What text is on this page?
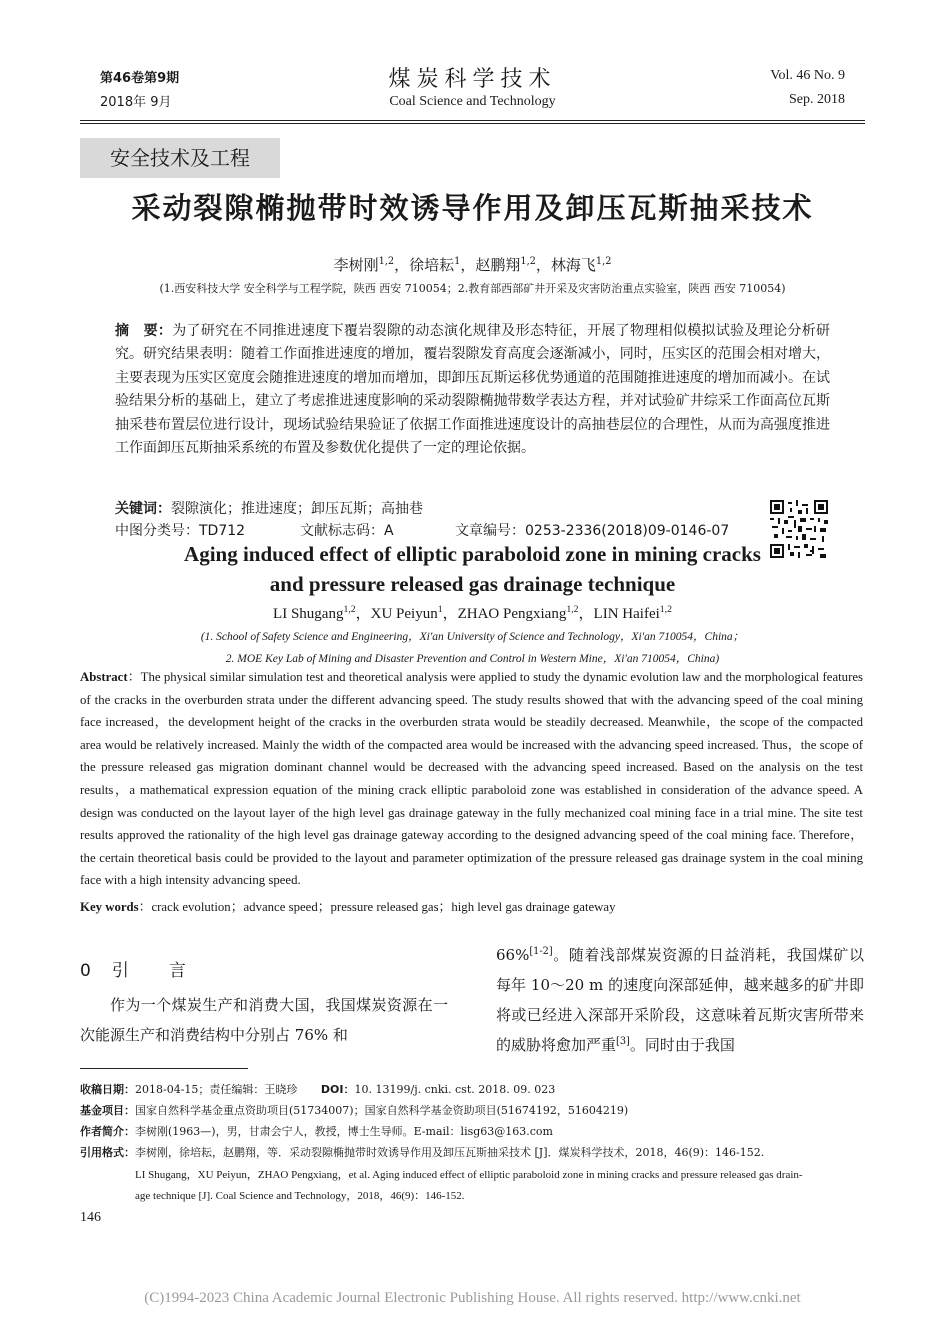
第46卷第9期
2018年 9月
煤炭科学技术
Coal Science and Technology
Vol. 46 No. 9
Sep. 2018
安全技术及工程
采动裂隙椭抛带时效诱导作用及卸压瓦斯抽采技术
李树刚$^{1,2}$，徐培耘$^1$，赵鹏翔$^{1,2}$，林海飞$^{1,2}$
(1.西安科技大学 安全科学与工程学院，陕西 西安 710054；2.教育部西部矿井开采及灾害防治重点实验室，陕西 西安 710054)
摘　要：为了研究在不同推进速度下覆岩裂隙的动态演化规律及形态特征，开展了物理相似模拟试验及理论分析研究。研究结果表明：随着工作面推进速度的增加，覆岩裂隙发育高度会逐渐减小，同时，压实区的范围会相对增大，主要表现为压实区宽度会随推进速度的增加而增加，即卸压瓦斯运移优势通道的范围随推进速度的增加而减小。在试验结果分析的基础上，建立了考虑推进速度影响的采动裂隙椭抛带数学表达方程，并对试验矿井综采工作面高位瓦斯抽采巷布置层位进行设计，现场试验结果验证了依据工作面推进速度设计的高抽巷层位的合理性，从而为高强度推进工作面卸压瓦斯抽采系统的布置及参数优化提供了一定的理论依据。
关键词：裂隙演化；推进速度；卸压瓦斯；高抽巷
中图分类号：TD712	文献标志码：A	文章编号：0253-2336(2018)09-0146-07
Aging induced effect of elliptic paraboloid zone in mining cracks
and pressure released gas drainage technique
LI Shugang$^{1,2}$，XU Peiyun$^1$，ZHAO Pengxiang$^{1,2}$，LIN Haifei$^{1,2}$
(1. School of Safety Science and Engineering，Xi'an University of Science and Technology，Xi'an 710054，China；
2. MOE Key Lab of Mining and Disaster Prevention and Control in Western Mine，Xi'an 710054，China)
Abstract：The physical similar simulation test and theoretical analysis were applied to study the dynamic evolution law and the morphological features of the cracks in the overburden strata under the different advancing speed. The study results showed that with the advancing speed of the coal mining face increased，the development height of the cracks in the overburden strata would be steadily decreased. Meanwhile，the scope of the compacted area would be relatively increased. Mainly the width of the compacted area would be increased with the advancing speed increased. Thus，the scope of the pressure released gas migration dominant channel would be decreased with the advancing speed increased. Based on the analysis on the test results，a mathematical expression equation of the mining crack elliptic paraboloid zone was established in consideration of the advance speed. A design was conducted on the layout layer of the high level gas drainage gateway in the fully mechanized coal mining face in a trial mine. The site test results approved the rationality of the high level gas drainage gateway according to the designed advancing speed of the coal mining face. Therefore，the certain theoretical basis could be provided to the layout and parameter optimization of the pressure released gas drainage system in the coal mining face with a high intensity advancing speed.
Key words：crack evolution；advance speed；pressure released gas；high level gas drainage gateway
0　引　　言
作为一个煤炭生产和消费大国，我国煤炭资源在一次能源生产和消费结构中分别占 76% 和
66%[1-2]。随着浅部煤炭资源的日益消耗，我国煤矿以每年 10～20 m 的速度向深部延伸，越来越多的矿井即将或已经进入深部开采阶段，这意味着瓦斯灾害所带来的威胁将愈加严重[3]。同时由于我国
收稿日期：2018-04-15；责任编辑：王晓珍 DOI：10. 13199/j. cnki. cst. 2018. 09. 023
基金项目：国家自然科学基金重点资助项目(51734007)；国家自然科学基金资助项目(51674192，51604219)
作者简介：李树刚(1963—)，男，甘肃会宁人，教授，博士生导师。E-mail：lisg63@163.com
引用格式：李树刚，徐培耘，赵鹏翔，等．采动裂隙椭抛带时效诱导作用及卸压瓦斯抽采技术 [J]．煤炭科学技术，2018，46(9)：146-152.
LI Shugang，XU Peiyun，ZHAO Pengxiang，et al. Aging induced effect of elliptic paraboloid zone in mining cracks and pressure released gas drain-
age technique [J]. Coal Science and Technology，2018，46(9)：146-152.
146
(C)1994-2023 China Academic Journal Electronic Publishing House. All rights reserved. http://www.cnki.net
